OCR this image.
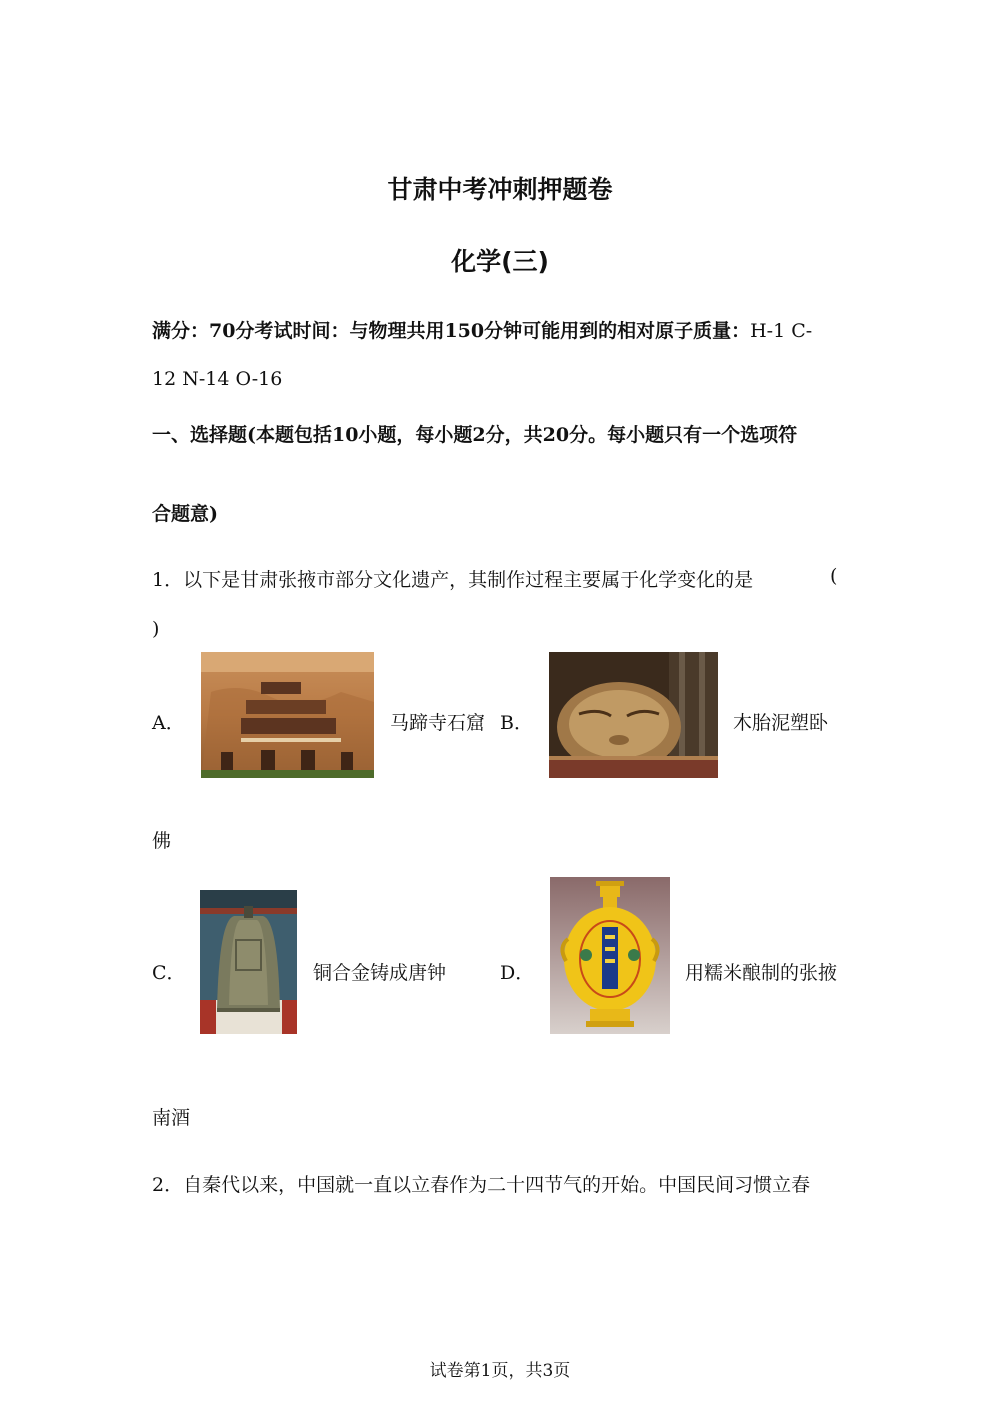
甘肃中考冲刺押题卷
化学(三)
满分：70分考试时间：与物理共用150分钟可能用到的相对原子质量：H-1 C-
12 N-14 O-16
一、选择题(本题包括10小题，每小题2分，共20分。每小题只有一个选项符
合题意)
1．以下是甘肃张掖市部分文化遗产，其制作过程主要属于化学变化的是	(
)
A．	马蹄寺石窟 B．	木胎泥塑卧
佛
C．	铜合金铸成唐钟	D．	用糯米酿制的张掖
南酒
2．自秦代以来，中国就一直以立春作为二十四节气的开始。中国民间习惯立春
试卷第1页，共3页
